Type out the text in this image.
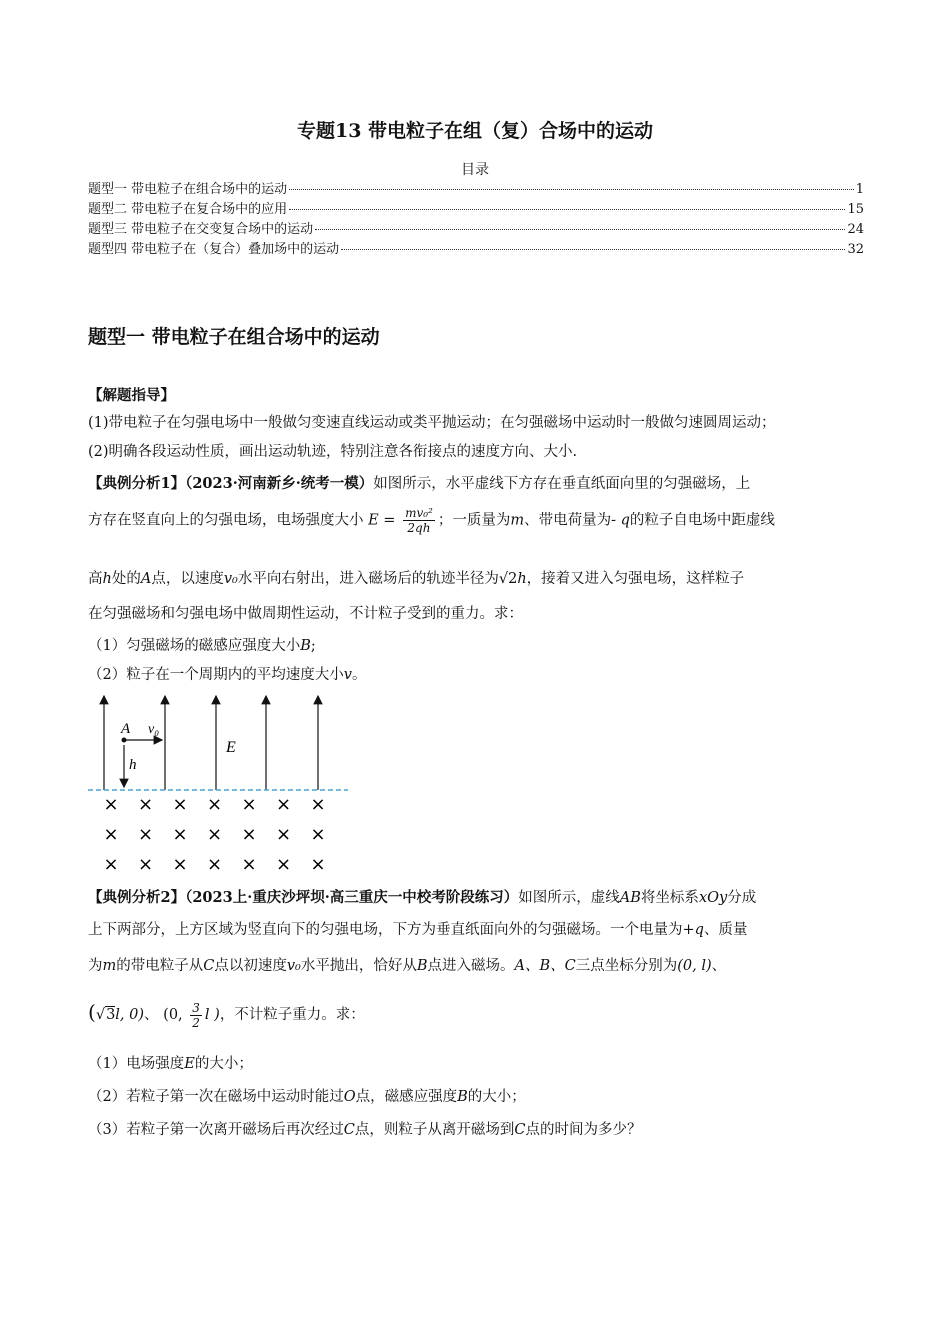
专题13 带电粒子在组（复）合场中的运动
目录
题型一 带电粒子在组合场中的运动	1
题型二 带电粒子在复合场中的应用	15
题型三 带电粒子在交变复合场中的运动	24
题型四 带电粒子在（复合）叠加场中的运动	32
题型一 带电粒子在组合场中的运动
【解题指导】
(1)带电粒子在匀强电场中一般做匀变速直线运动或类平抛运动；在匀强磁场中运动时一般做匀速圆周运动；
(2)明确各段运动性质，画出运动轨迹，特别注意各衔接点的速度方向、大小.
【典例分析1】（2023·河南新乡·统考一模）如图所示，水平虚线下方存在垂直纸面向里的匀强磁场，上
方存在竖直向上的匀强电场，电场强度大小 $E = \frac{\text{mv₀²}}{2qh}$ ；一质量为m、带电荷量为- q的粒子自电场中距虚线
高h处的A点，以速度v₀水平向右射出，进入磁场后的轨迹半径为√2h，接着又进入匀强电场，这样粒子
在匀强磁场和匀强电场中做周期性运动，不计粒子受到的重力。求：
（1）匀强磁场的磁感应强度大小B;
（2）粒子在一个周期内的平均速度大小v。
A v₀
h
E
× × × × × × ×
× × × × × × ×
× × × × × × ×
【典例分析2】（2023上·重庆沙坪坝·高三重庆一中校考阶段练习）如图所示，虚线AB将坐标系xOy分成
上下两部分，上方区域为竖直向下的匀强电场，下方为垂直纸面向外的匀强磁场。一个电量为+q、质量
为m的带电粒子从C点以初速度v₀水平抛出，恰好从B点进入磁场。A、B、C三点坐标分别为(0, l)、
(√3l, 0)、 (0, $\frac{3}{2}$ l )，不计粒子重力。求：
（1）电场强度E的大小；
（2）若粒子第一次在磁场中运动时能过O点，磁感应强度B的大小；
（3）若粒子第一次离开磁场后再次经过C点，则粒子从离开磁场到C点的时间为多少？
